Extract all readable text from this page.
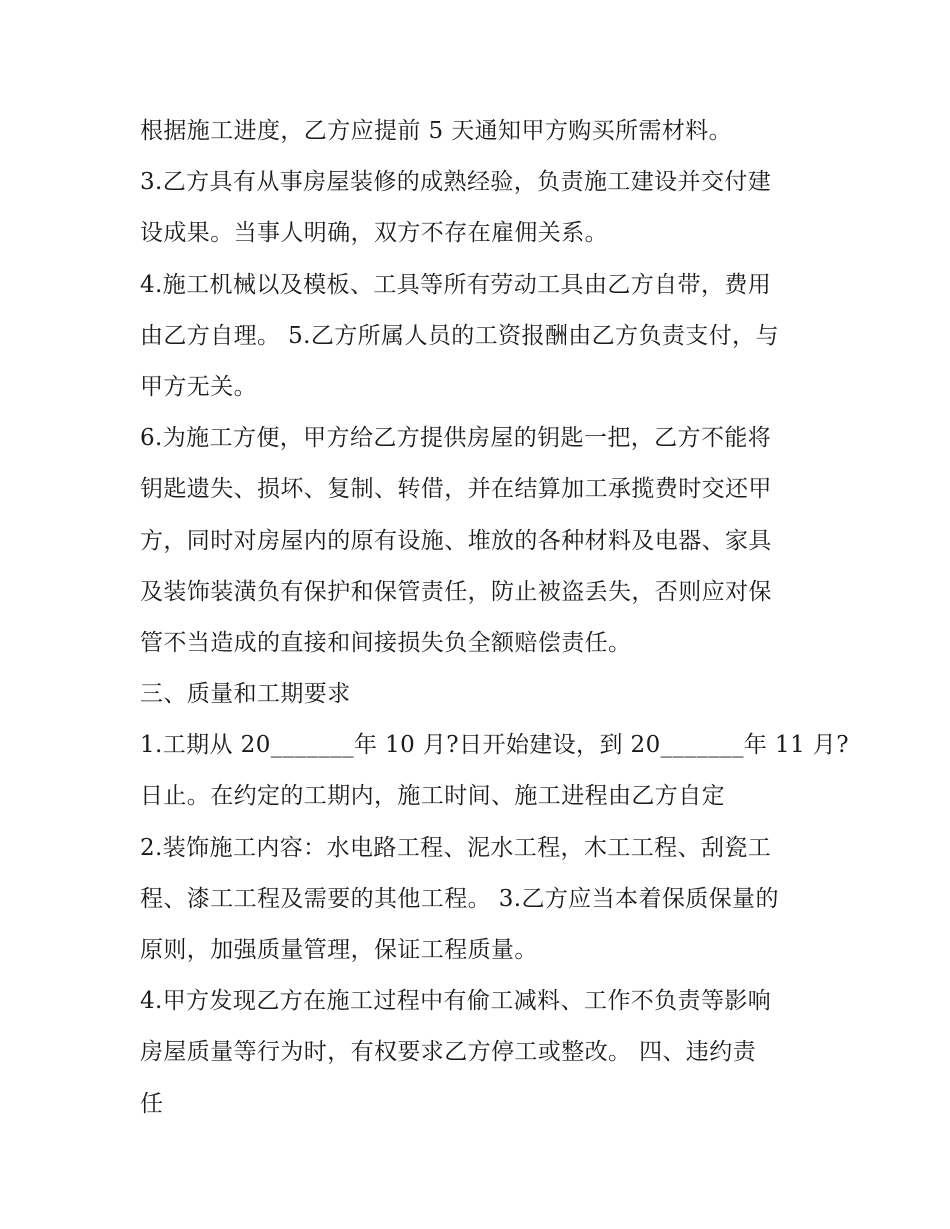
根据施工进度，乙方应提前 5 天通知甲方购买所需材料。
3.乙方具有从事房屋装修的成熟经验，负责施工建设并交付建
设成果。当事人明确，双方不存在雇佣关系。
4.施工机械以及模板、工具等所有劳动工具由乙方自带，费用
由乙方自理。 5.乙方所属人员的工资报酬由乙方负责支付，与
甲方无关。
6.为施工方便，甲方给乙方提供房屋的钥匙一把，乙方不能将
钥匙遗失、损坏、复制、转借，并在结算加工承揽费时交还甲
方，同时对房屋内的原有设施、堆放的各种材料及电器、家具
及装饰装潢负有保护和保管责任，防止被盗丢失，否则应对保
管不当造成的直接和间接损失负全额赔偿责任。
三、质量和工期要求
1.工期从 20_______年 10 月?日开始建设，到 20_______年 11 月?
日止。在约定的工期内，施工时间、施工进程由乙方自定
2.装饰施工内容：水电路工程、泥水工程，木工工程、刮瓷工
程、漆工工程及需要的其他工程。 3.乙方应当本着保质保量的
原则，加强质量管理，保证工程质量。
4.甲方发现乙方在施工过程中有偷工减料、工作不负责等影响
房屋质量等行为时，有权要求乙方停工或整改。 四、违约责
任
